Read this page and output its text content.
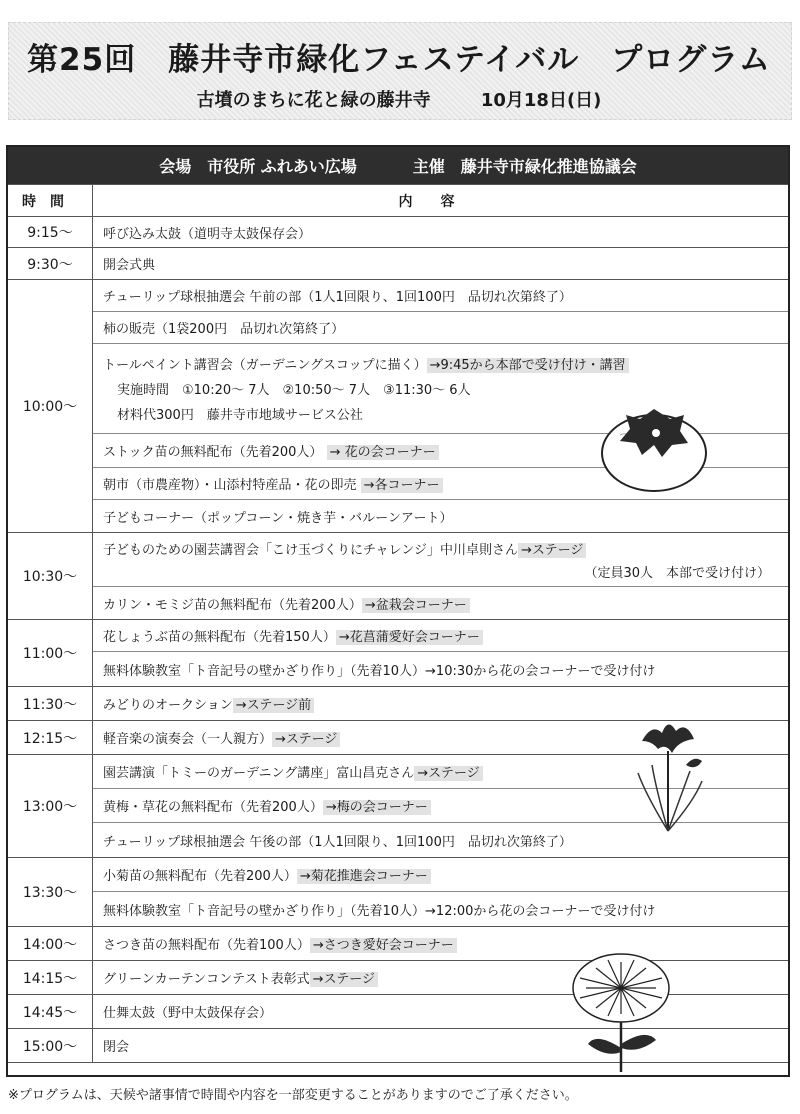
第25回　藤井寺市緑化フェステイバル　プログラム
古墳のまちに花と緑の藤井寺	10月18日(日)
会場　市役所 ふれあい広場	主催　藤井寺市緑化推進協議会
時間	内容
9:15〜	呼び込み太鼓（道明寺太鼓保存会）
9:30〜	開会式典
10:00〜
チューリップ球根抽選会 午前の部（1人1回限り、1回100円　品切れ次第終了）
柿の販売（1袋200円　品切れ次第終了）
トールペイント講習会（ガーデニングスコップに描く） →9:45から本部で受け付け・講習
実施時間　①10:20〜 7人　②10:50〜 7人　③11:30〜 6人
材料代300円　藤井寺市地域サービス公社
ストック苗の無料配布（先着200人） → 花の会コーナー
朝市（市農産物）・山添村特産品・花の即売 →各コーナー
子どもコーナー（ポップコーン・焼き芋・バルーンアート）
10:30〜
子どものための園芸講習会「こけ玉づくりにチャレンジ」中川卓則さん →ステージ
（定員30人　本部で受け付け）
カリン・モミジ苗の無料配布（先着200人） →盆栽会コーナー
11:00〜
花しょうぶ苗の無料配布（先着150人） →花菖蒲愛好会コーナー
無料体験教室「ト音記号の壁かざり作り」（先着10人）→10:30から花の会コーナーで受け付け
11:30〜	みどりのオークション →ステージ前
12:15〜	軽音楽の演奏会（一人親方） →ステージ
13:00〜
園芸講演「トミーのガーデニング講座」富山昌克さん →ステージ
黄梅・草花の無料配布（先着200人） →梅の会コーナー
チューリップ球根抽選会 午後の部（1人1回限り、1回100円　品切れ次第終了）
13:30〜
小菊苗の無料配布（先着200人） →菊花推進会コーナー
無料体験教室「ト音記号の壁かざり作り」（先着10人）→12:00から花の会コーナーで受け付け
14:00〜	さつき苗の無料配布（先着100人） →さつき愛好会コーナー
14:15〜	グリーンカーテンコンテスト表彰式 →ステージ
14:45〜	仕舞太鼓（野中太鼓保存会）
15:00〜	閉会
※プログラムは、天候や諸事情で時間や内容を一部変更することがありますのでご了承ください。
